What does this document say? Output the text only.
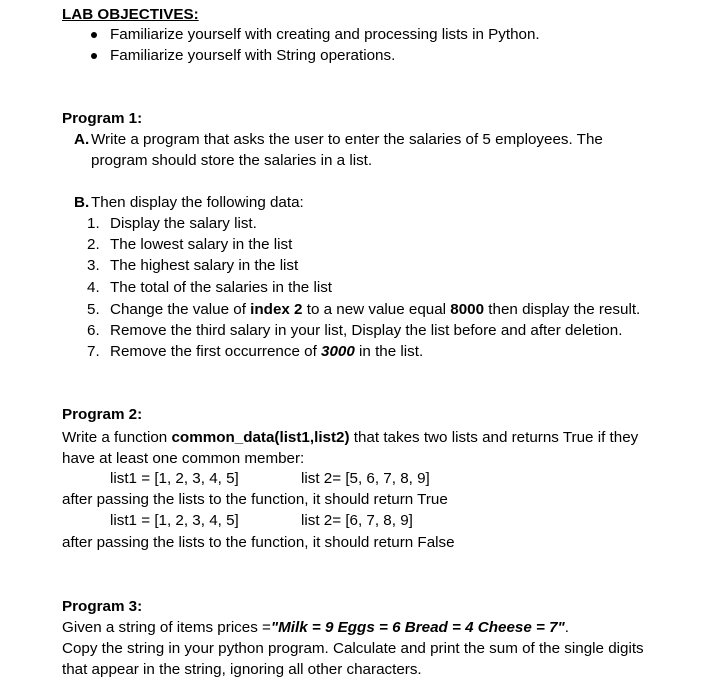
LAB OBJECTIVES:
Familiarize yourself with creating and processing lists in Python.
Familiarize yourself with String operations.
Program 1:
A. Write a program that asks the user to enter the salaries of 5 employees. The
program should store the salaries in a list.
B. Then display the following data:
1. Display the salary list.
2. The lowest salary in the list
3. The highest salary in the list
4. The total of the salaries in the list
5. Change the value of index 2 to a new value equal 8000 then display the result.
6. Remove the third salary in your list, Display the list before and after deletion.
7. Remove the first occurrence of 3000 in the list.
Program 2:
Write a function common_data(list1,list2) that takes two lists and returns True if they
have at least one common member:
list1 = [1, 2, 3, 4, 5]	list 2= [5, 6, 7, 8, 9]
after passing the lists to the function, it should return True
list1 = [1, 2, 3, 4, 5]	list 2= [6, 7, 8, 9]
after passing the lists to the function, it should return False
Program 3:
Given a string of items prices ="Milk = 9 Eggs = 6 Bread = 4 Cheese = 7".
Copy the string in your python program. Calculate and print the sum of the single digits
that appear in the string, ignoring all other characters.
